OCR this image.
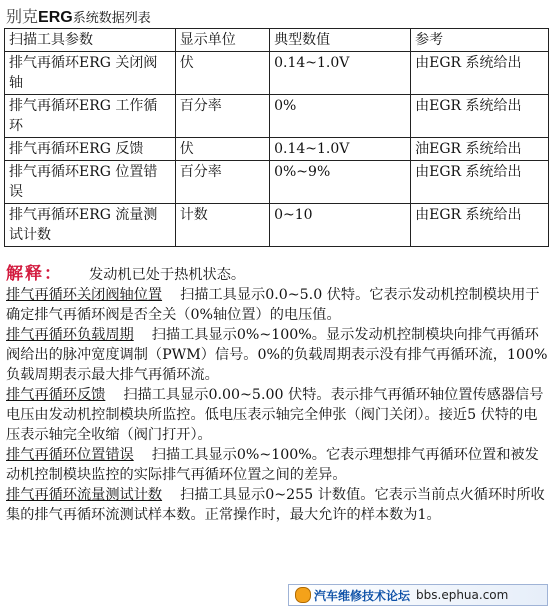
别克ERG系统数据列表
扫描工具参数	显示单位	典型数值	参考
排气再循环ERG 关闭阀轴	伏	0.14~1.0V	由EGR 系统给出
排气再循环ERG 工作循环	百分率	0%	由EGR 系统给出
排气再循环ERG 反馈	伏	0.14~1.0V	油EGR 系统给出
排气再循环ERG 位置错误	百分率	0%~9%	由EGR 系统给出
排气再循环ERG 流量测试计数	计数	0~10	由EGR 系统给出

解释： 发动机已处于热机状态。

排气再循环关闭阀轴位置 扫描工具显示0.0~5.0 伏特。它表示发动机控制模块用于确定排气再循环阀是否全关（0%轴位置）的电压值。

排气再循环负载周期 扫描工具显示0%~100%。显示发动机控制模块向排气再循环阀给出的脉冲宽度调制（PWM）信号。0%的负载周期表示没有排气再循环流，100%负载周期表示最大排气再循环流。

排气再循环反馈 扫描工具显示0.00~5.00 伏特。表示排气再循环轴位置传感器信号电压由发动机控制模块所监控。低电压表示轴完全伸张（阀门关闭）。接近5 伏特的电压表示轴完全收缩（阀门打开）。

排气再循环位置错误 扫描工具显示0%~100%。它表示理想排气再循环位置和被发动机控制模块监控的实际排气再循环位置之间的差异。

排气再循环流量测试计数 扫描工具显示0~255 计数值。它表示当前点火循环时所收集的排气再循环流测试样本数。正常操作时，最大允许的样本数为1。

汽车维修技术论坛 bbs.ephua.com
